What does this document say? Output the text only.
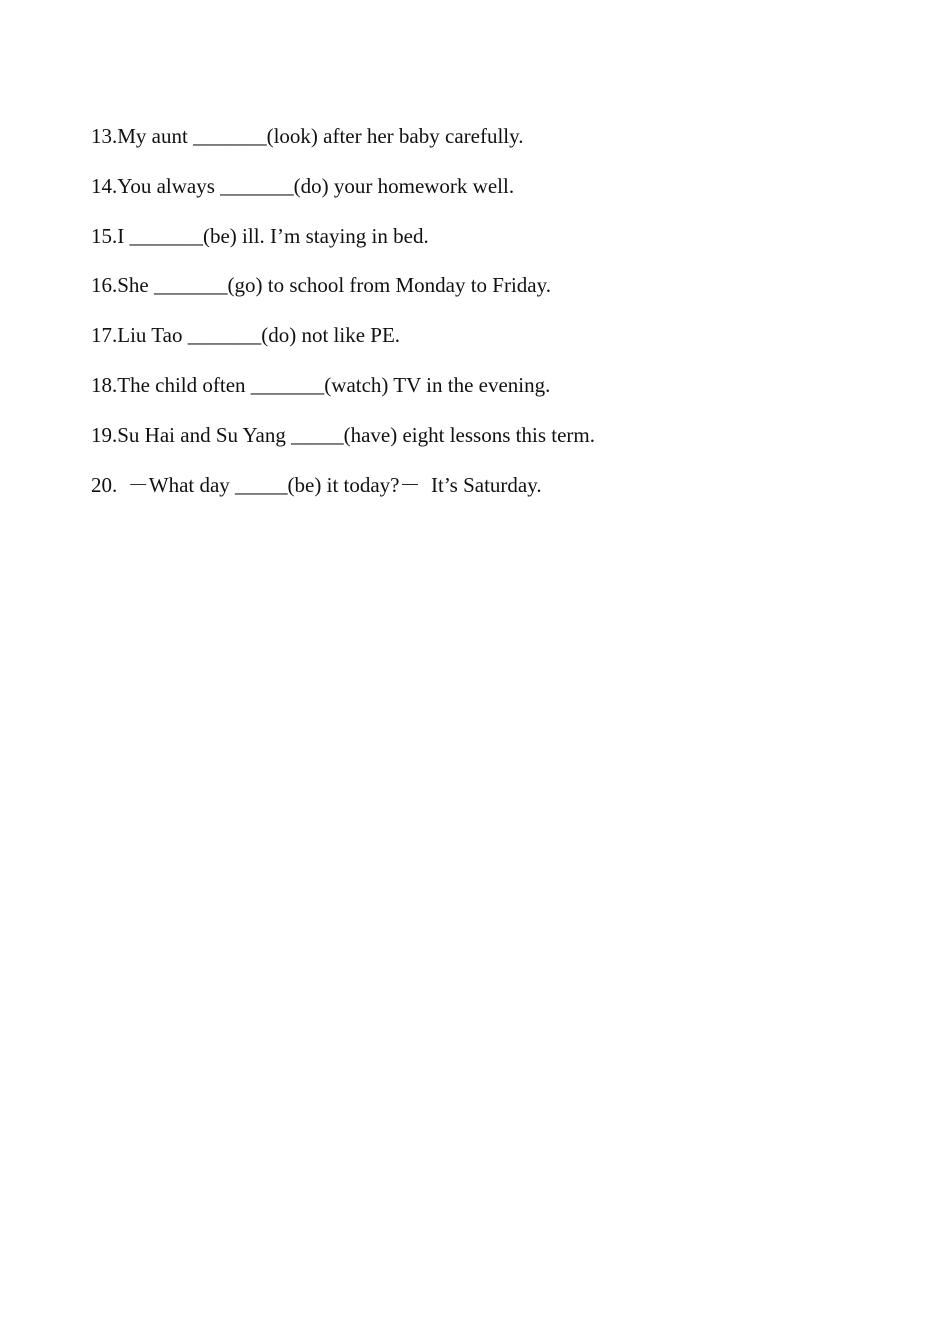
13.My aunt _______(look) after her baby carefully.
14.You always _______(do) your homework well.
15.I _______(be) ill. I’m staying in bed.
16.She _______(go) to school from Monday to Friday.
17.Liu Tao _______(do) not like PE.
18.The child often _______(watch) TV in the evening.
19.Su Hai and Su Yang _____(have) eight lessons this term.
20.  －What day _____(be) it today?－  It’s Saturday.
